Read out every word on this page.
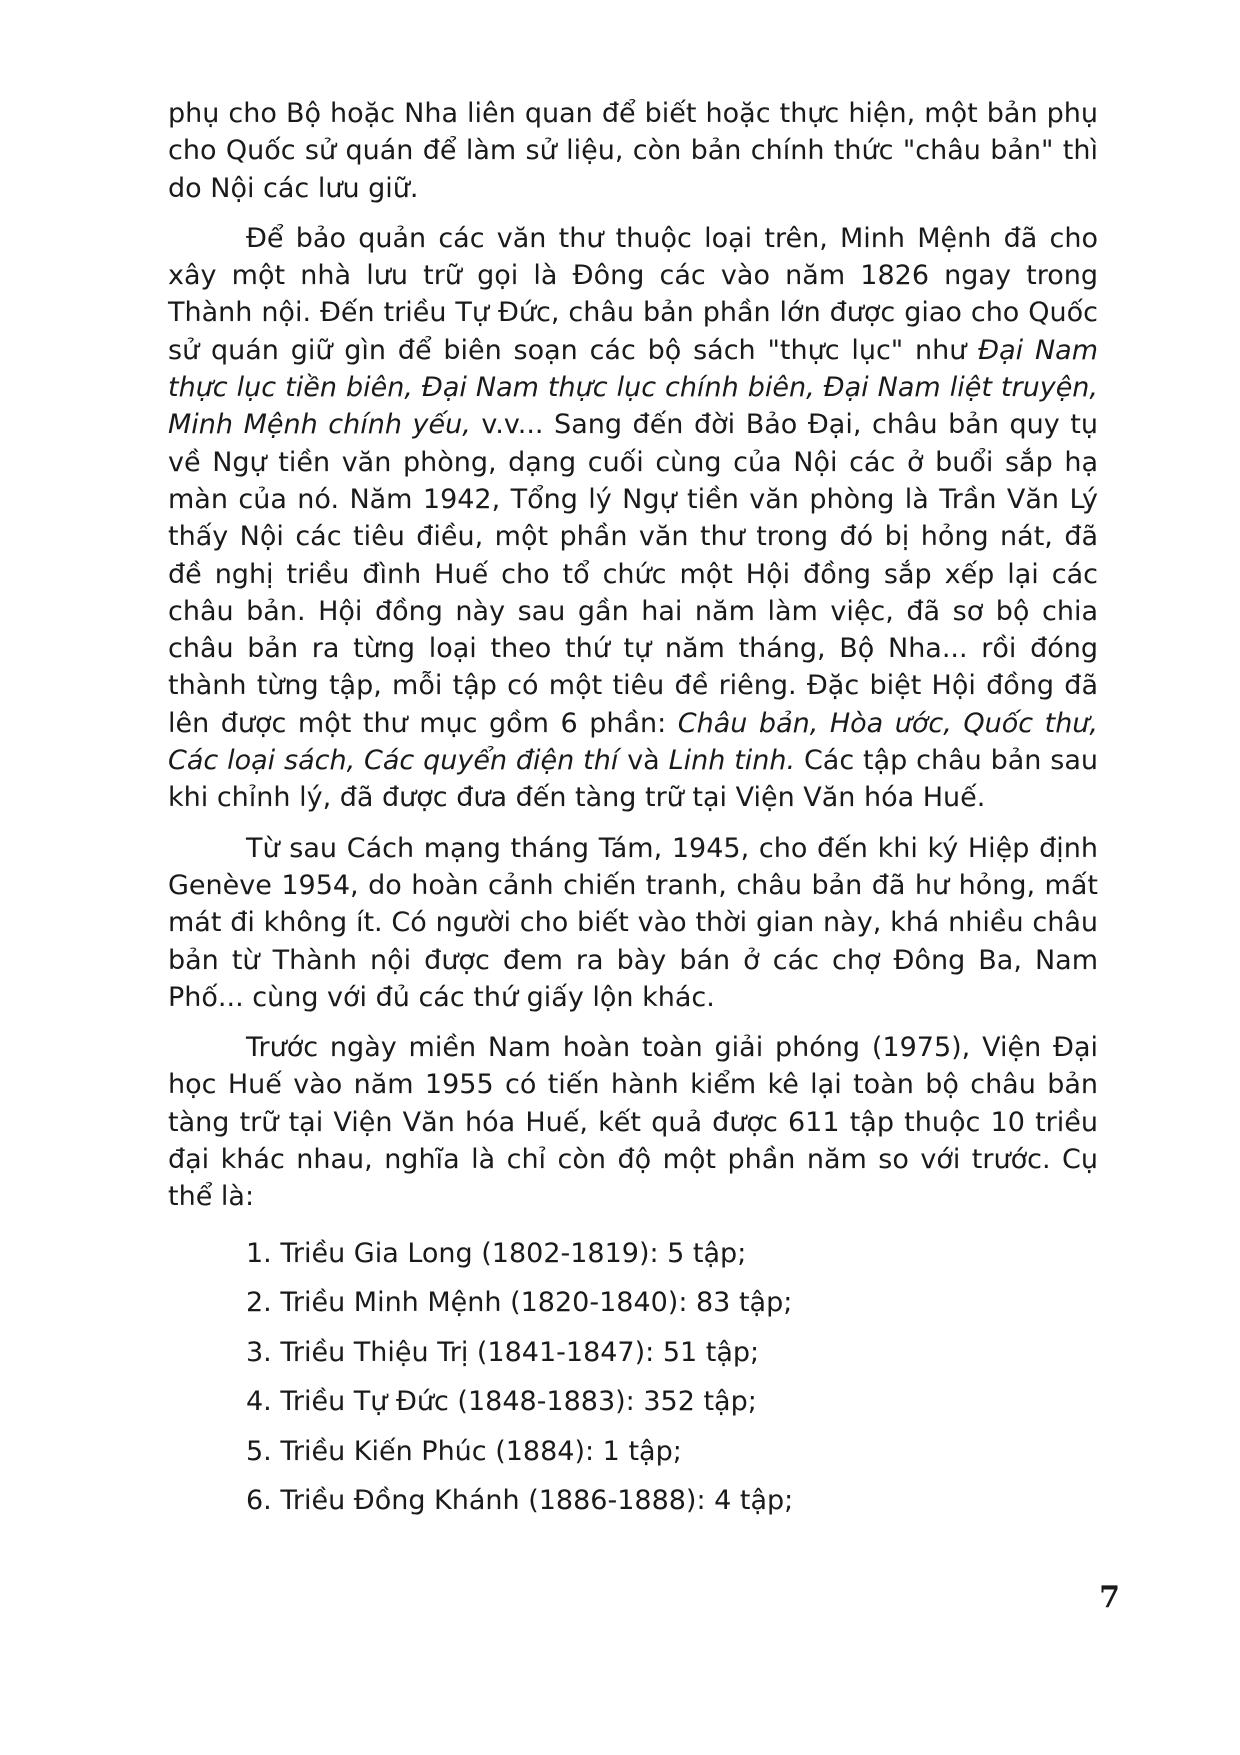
phụ cho Bộ hoặc Nha liên quan để biết hoặc thực hiện, một bản phụ cho Quốc sử quán để làm sử liệu, còn bản chính thức "châu bản" thì do Nội các lưu giữ.

Để bảo quản các văn thư thuộc loại trên, Minh Mệnh đã cho xây một nhà lưu trữ gọi là Đông các vào năm 1826 ngay trong Thành nội. Đến triều Tự Đức, châu bản phần lớn được giao cho Quốc sử quán giữ gìn để biên soạn các bộ sách "thực lục" như Đại Nam thực lục tiền biên, Đại Nam thực lục chính biên, Đại Nam liệt truyện, Minh Mệnh chính yếu, v.v... Sang đến đời Bảo Đại, châu bản quy tụ về Ngự tiền văn phòng, dạng cuối cùng của Nội các ở buổi sắp hạ màn của nó. Năm 1942, Tổng lý Ngự tiền văn phòng là Trần Văn Lý thấy Nội các tiêu điều, một phần văn thư trong đó bị hỏng nát, đã đề nghị triều đình Huế cho tổ chức một Hội đồng sắp xếp lại các châu bản. Hội đồng này sau gần hai năm làm việc, đã sơ bộ chia châu bản ra từng loại theo thứ tự năm tháng, Bộ Nha... rồi đóng thành từng tập, mỗi tập có một tiêu đề riêng. Đặc biệt Hội đồng đã lên được một thư mục gồm 6 phần: Châu bản, Hòa ước, Quốc thư, Các loại sách, Các quyển điện thí và Linh tinh. Các tập châu bản sau khi chỉnh lý, đã được đưa đến tàng trữ tại Viện Văn hóa Huế.

Từ sau Cách mạng tháng Tám, 1945, cho đến khi ký Hiệp định Genève 1954, do hoàn cảnh chiến tranh, châu bản đã hư hỏng, mất mát đi không ít. Có người cho biết vào thời gian này, khá nhiều châu bản từ Thành nội được đem ra bày bán ở các chợ Đông Ba, Nam Phố... cùng với đủ các thứ giấy lộn khác.

Trước ngày miền Nam hoàn toàn giải phóng (1975), Viện Đại học Huế vào năm 1955 có tiến hành kiểm kê lại toàn bộ châu bản tàng trữ tại Viện Văn hóa Huế, kết quả được 611 tập thuộc 10 triều đại khác nhau, nghĩa là chỉ còn độ một phần năm so với trước. Cụ thể là:

1. Triều Gia Long (1802-1819): 5 tập;
2. Triều Minh Mệnh (1820-1840): 83 tập;
3. Triều Thiệu Trị (1841-1847): 51 tập;
4. Triều Tự Đức (1848-1883): 352 tập;
5. Triều Kiến Phúc (1884): 1 tập;
6. Triều Đồng Khánh (1886-1888): 4 tập;
7
